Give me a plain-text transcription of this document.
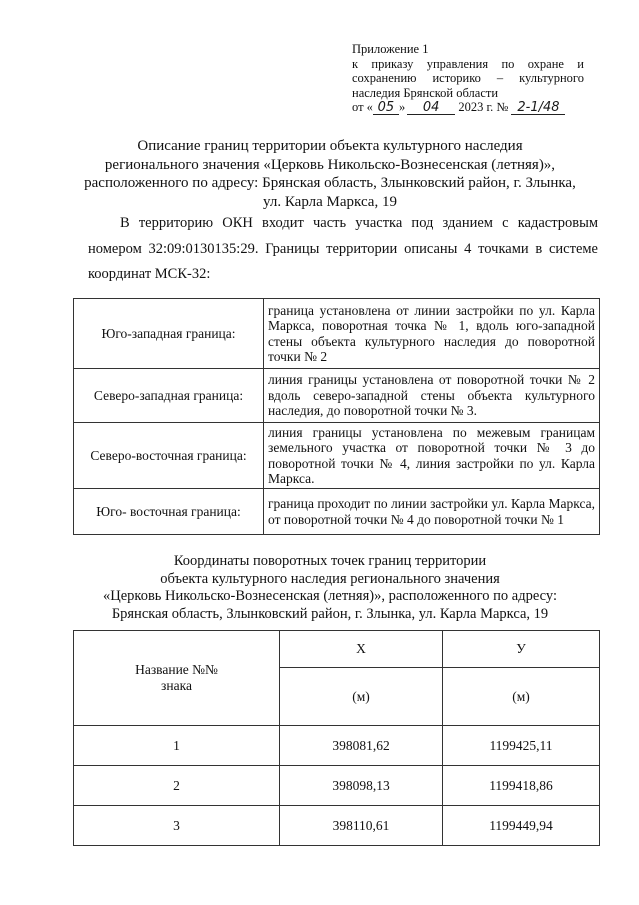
Приложение 1
к приказу управления по охране и
сохранению историко – культурного
наследия Брянской области
от « 05 » 04 2023 г. № 2-1/48
Описание границ территории объекта культурного наследия
регионального значения «Церковь Никольско-Вознесенская (летняя)»,
расположенного по адресу: Брянская область, Злынковский район, г. Злынка,
ул. Карла Маркса, 19
В территорию ОКН входит часть участка под зданием с кадастровым
номером 32:09:0130135:29. Границы территории описаны 4 точками в системе
координат МСК-32:
Юго-западная граница:	граница установлена от линии застройки по ул. Карла Маркса, поворотная точка № 1, вдоль юго-западной стены объекта культурного наследия до поворотной точки № 2
Северо-западная граница:	линия границы установлена от поворотной точки № 2 вдоль северо-западной стены объекта культурного наследия, до поворотной точки № 3.
Северо-восточная граница:	линия границы установлена по межевым границам земельного участка от поворотной точки № 3 до поворотной точки № 4, линия застройки по ул. Карла Маркса.
Юго- восточная граница:	граница проходит по линии застройки ул. Карла Маркса, от поворотной точки № 4 до поворотной точки № 1
Координаты поворотных точек границ территории
объекта культурного наследия регионального значения
«Церковь Никольско-Вознесенская (летняя)», расположенного по адресу:
Брянская область, Злынковский район, г. Злынка, ул. Карла Маркса, 19
Название №№
знака	X	У
	(м)	(м)
1	398081,62	1199425,11
2	398098,13	1199418,86
3	398110,61	1199449,94
